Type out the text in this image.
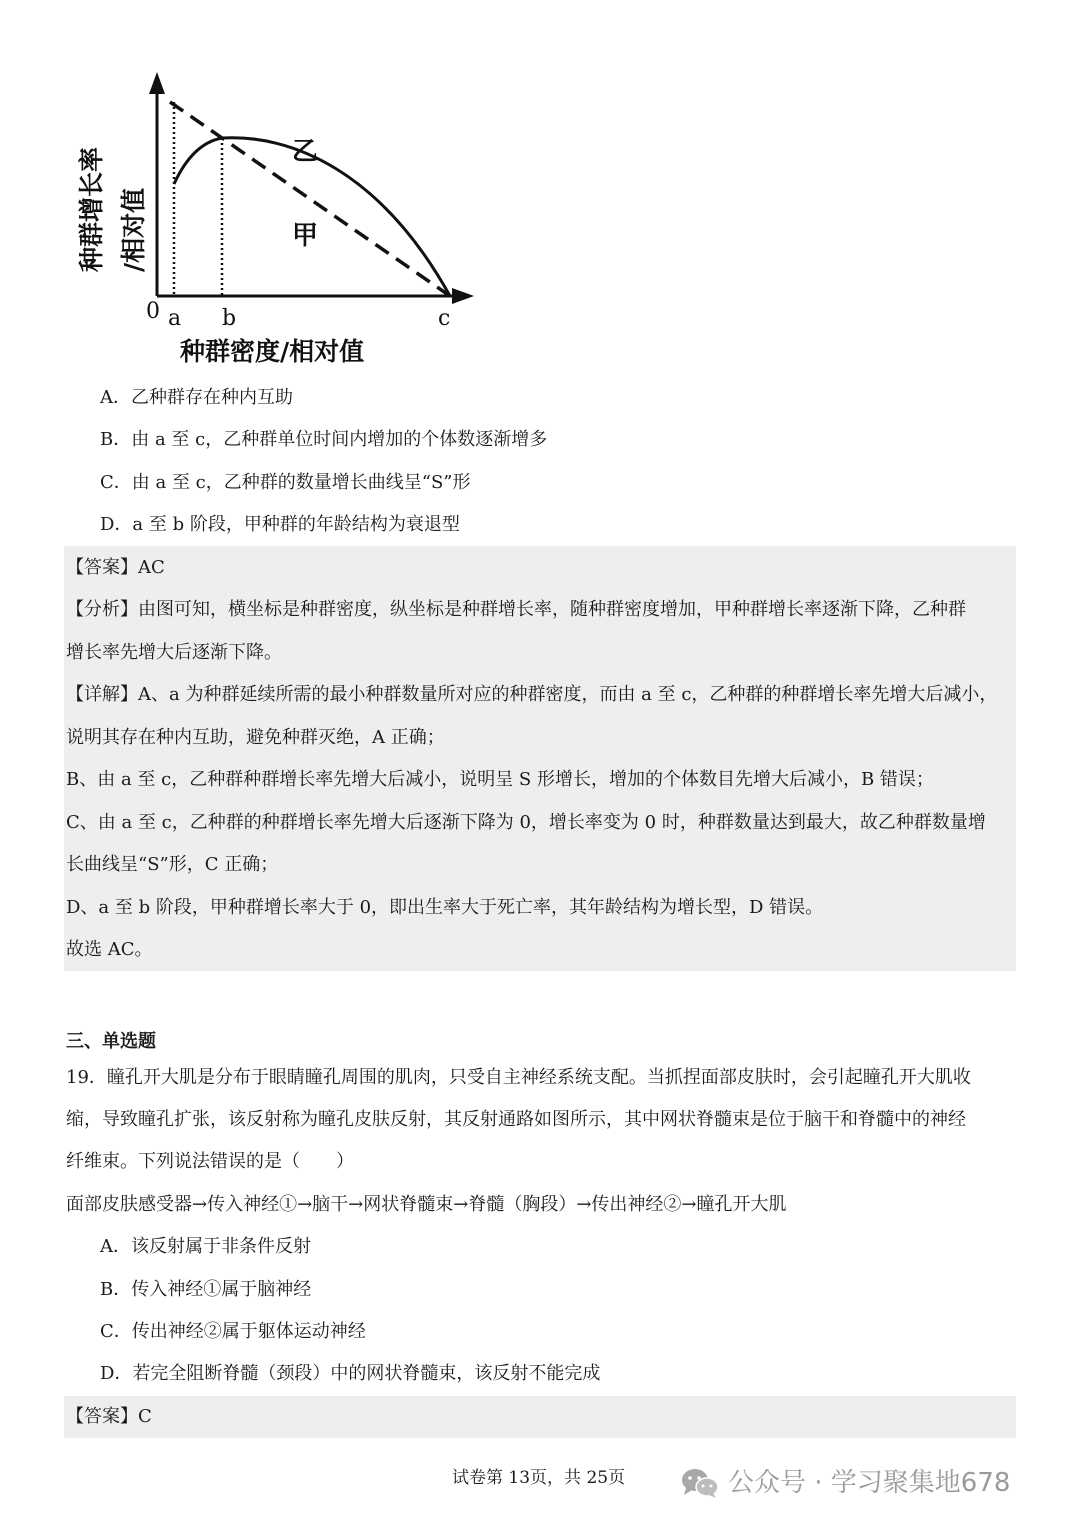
乙
甲
0 a b	c
种群密度/相对值
种群增长率 /相对值
A．乙种群存在种内互助
B．由 a 至 c，乙种群单位时间内增加的个体数逐渐增多
C．由 a 至 c，乙种群的数量增长曲线呈“S”形
D．a 至 b 阶段，甲种群的年龄结构为衰退型
【答案】AC
【分析】由图可知，横坐标是种群密度，纵坐标是种群增长率，随种群密度增加，甲种群增长率逐渐下降，乙种群
增长率先增大后逐渐下降。
【详解】A、a 为种群延续所需的最小种群数量所对应的种群密度，而由 a 至 c，乙种群的种群增长率先增大后减小，
说明其存在种内互助，避免种群灭绝，A 正确；
B、由 a 至 c，乙种群种群增长率先增大后减小，说明呈 S 形增长，增加的个体数目先增大后减小，B 错误；
C、由 a 至 c，乙种群的种群增长率先增大后逐渐下降为 0，增长率变为 0 时，种群数量达到最大，故乙种群数量增
长曲线呈“S”形，C 正确；
D、a 至 b 阶段，甲种群增长率大于 0，即出生率大于死亡率，其年龄结构为增长型，D 错误。
故选 AC。
三、单选题
19．瞳孔开大肌是分布于眼睛瞳孔周围的肌肉，只受自主神经系统支配。当抓捏面部皮肤时，会引起瞳孔开大肌收
缩，导致瞳孔扩张，该反射称为瞳孔皮肤反射，其反射通路如图所示，其中网状脊髓束是位于脑干和脊髓中的神经
纤维束。下列说法错误的是（　　）
面部皮肤感受器→传入神经①→脑干→网状脊髓束→脊髓（胸段）→传出神经②→瞳孔开大肌
A．该反射属于非条件反射
B．传入神经①属于脑神经
C．传出神经②属于躯体运动神经
D．若完全阻断脊髓（颈段）中的网状脊髓束，该反射不能完成
【答案】C
试卷第 13页，共 25页	公众号 · 学习聚集地678
